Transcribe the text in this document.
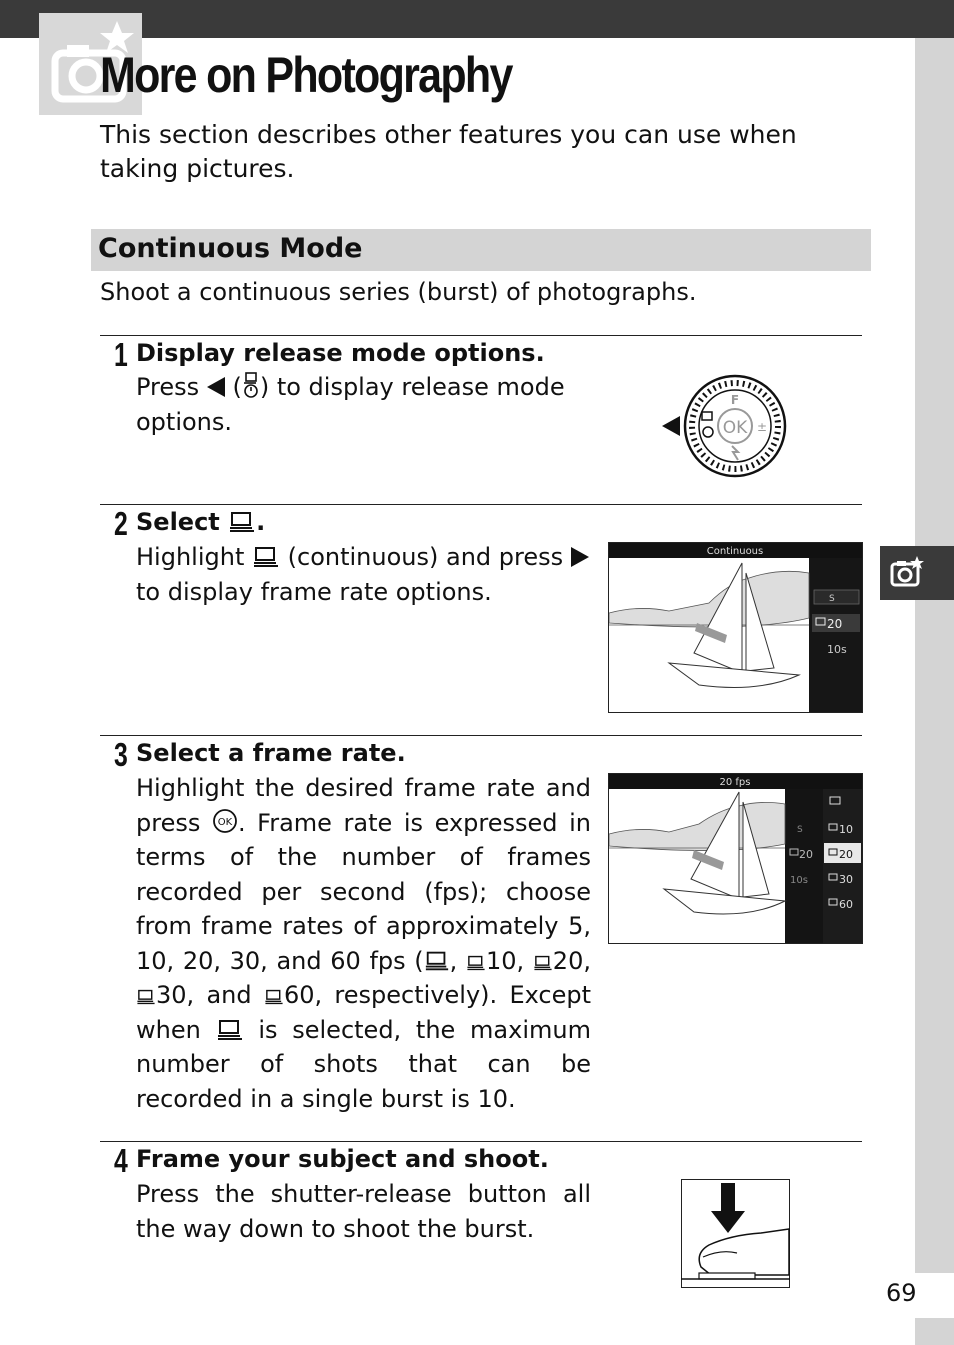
More on Photography

This section describes other features you can use when taking pictures.

Continuous Mode

Shoot a continuous series (burst) of photographs.

1 Display release mode options.

Press ( ) to display release mode options.	OK
F
±
2 Select .

Highlight (continuous) and press  to display frame rate options.

Continuous
S
20
10s
3 Select a frame rate.

Highlight the desired frame rate and press OK . Frame rate is expressed in terms of the number of frames recorded per second (fps); choose from frame rates of approximately 5, 10, 20, 30, and 60 fps ( , 10, 20, 30, and 60, respectively). Except when is selected, the maximum number of shots that can be recorded in a single burst is 10.

20 fps
S
20
10s
10
20
30
60
4 Frame your subject and shoot.

Press the shutter-release button all the way down to shoot the burst.

69
